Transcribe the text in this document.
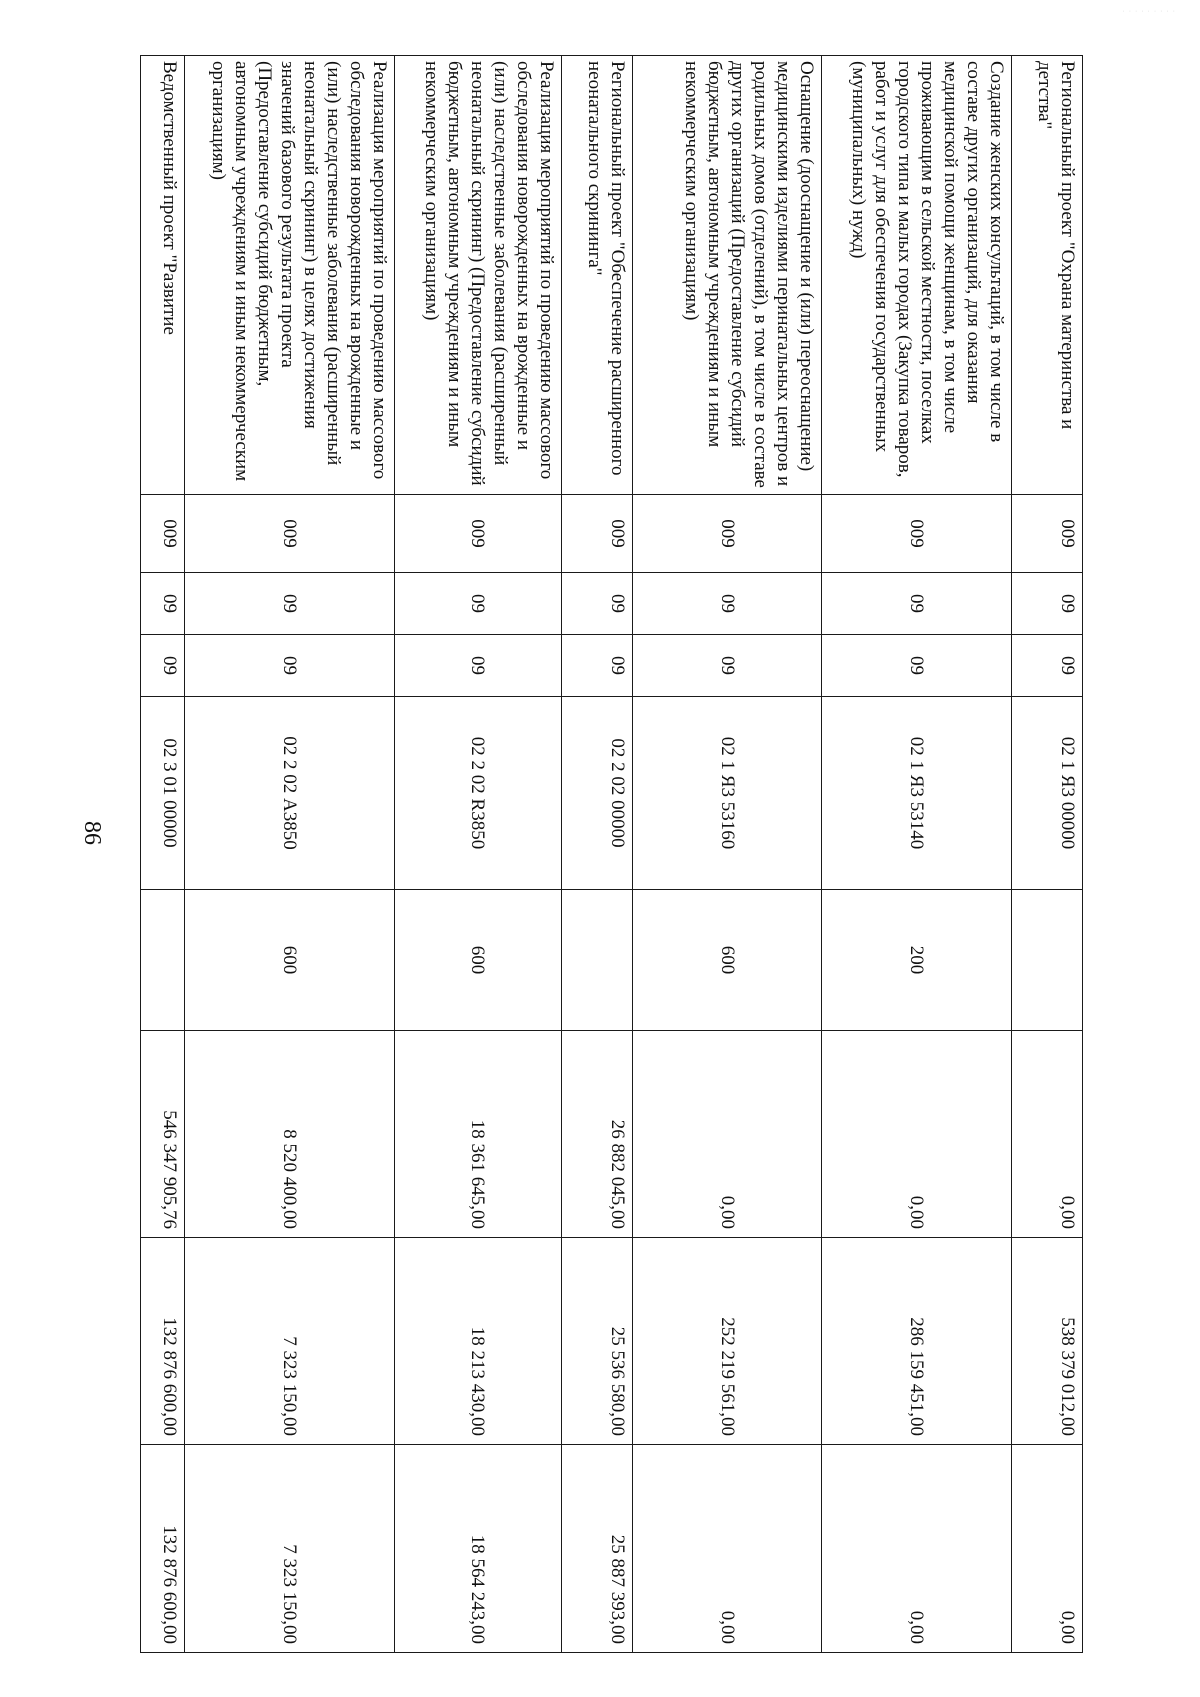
86
· · · · · · · · ·
Региональный проект "Охрана материнства и детства"	009	09	09	02 1 Я3 00000		0,00	538 379 012,00	0,00
Создание женских консультаций, в том числе в составе других организаций, для оказания медицинской помощи женщинам, в том числе проживающим в сельской местности, поселках городского типа и малых городах (Закупка товаров, работ и услуг для обеспечения государственных (муниципальных) нужд)	009	09	09	02 1 Я3 53140	200	0,00	286 159 451,00	0,00
Оснащение (дооснащение и (или) переоснащение) медицинскими изделиями перинатальных центров и родильных домов (отделений), в том числе в составе других организаций (Предоставление субсидий бюджетным, автономным учреждениям и иным некоммерческим организациям)	009	09	09	02 1 Я3 53160	600	0,00	252 219 561,00	0,00
Региональный проект "Обеспечение расширенного неонатального скрининга"	009	09	09	02 2 02 00000		26 882 045,00	25 536 580,00	25 887 393,00
Реализация мероприятий по проведению массового обследования новорожденных на врожденные и (или) наследственные заболевания (расширенный неонатальный скрининг) (Предоставление субсидий бюджетным, автономным учреждениям и иным некоммерческим организациям)	009	09	09	02 2 02 R3850	600	18 361 645,00	18 213 430,00	18 564 243,00
Реализация мероприятий по проведению массового обследования новорожденных на врожденные и (или) наследственные заболевания (расширенный неонатальный скрининг) в целях достижения значений базового результата проекта (Предоставление субсидий бюджетным, автономным учреждениям и иным некоммерческим организациям)	009	09	09	02 2 02 А3850	600	8 520 400,00	7 323 150,00	7 323 150,00
Ведомственный проект "Развитие	009	09	09	02 3 01 00000		546 347 905,76	132 876 600,00	132 876 600,00
